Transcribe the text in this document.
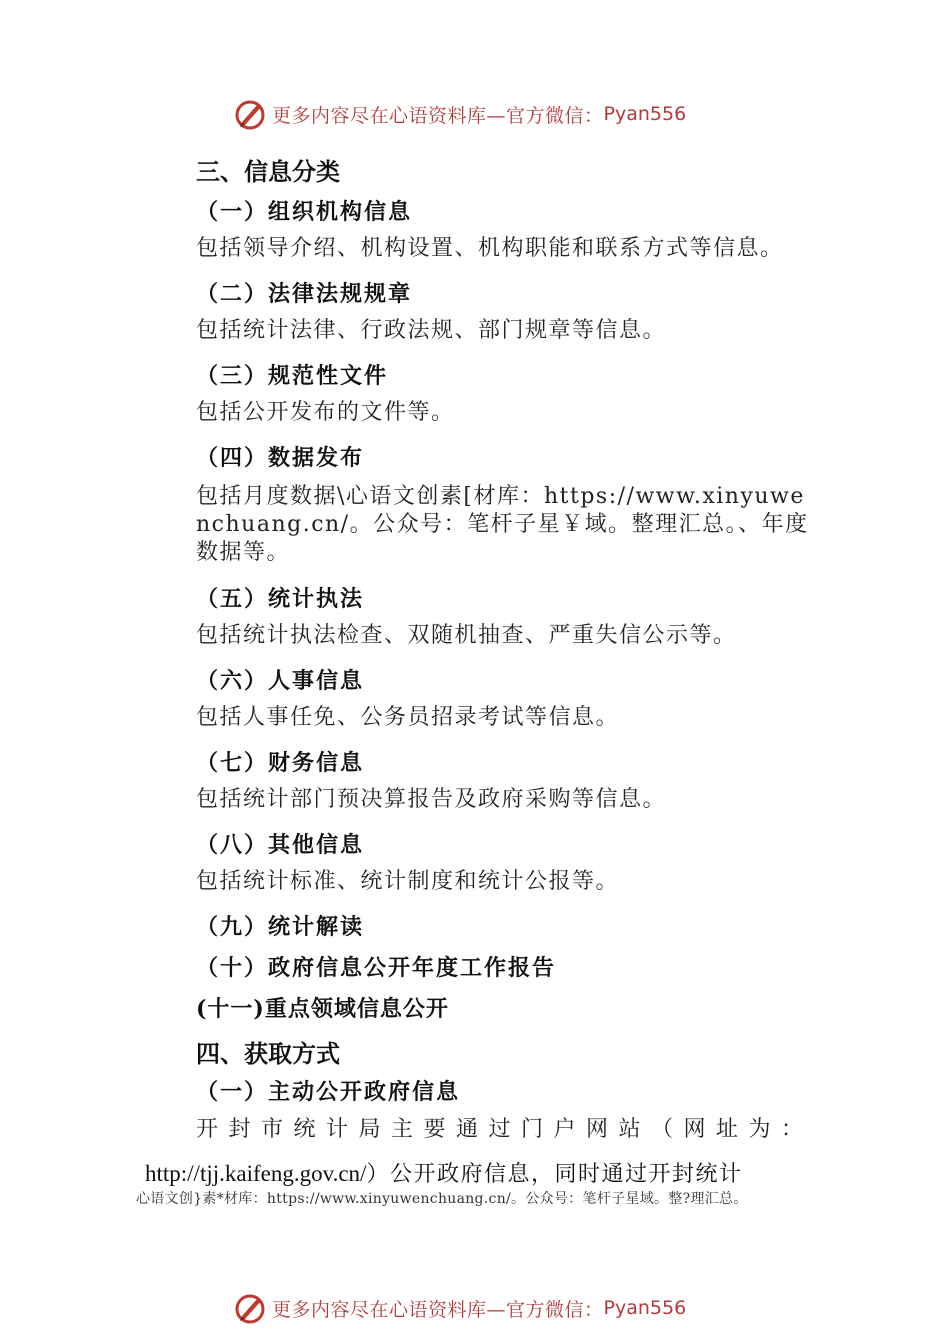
更多内容尽在心语资料库—官方微信： Pyan556
三、信息分类
（一）组织机构信息
包括领导介绍、机构设置、机构职能和联系方式等信息。
（二）法律法规规章
包括统计法律、行政法规、部门规章等信息。
（三）规范性文件
包括公开发布的文件等。
（四）数据发布
包括月度数据\心语文创素[材库：https://www.xinyuwenchuang.cn/。公众号：笔杆子星￥域。整理汇总。、年度数据等。
（五）统计执法
包括统计执法检查、双随机抽查、严重失信公示等。
（六）人事信息
包括人事任免、公务员招录考试等信息。
（七）财务信息
包括统计部门预决算报告及政府采购等信息。
（八）其他信息
包括统计标准、统计制度和统计公报等。
（九）统计解读
（十）政府信息公开年度工作报告
(十一)重点领域信息公开
四、获取方式
（一）主动公开政府信息
开封市统计局主要通过门户网站（网址为：
http://tjj.kaifeng.gov.cn/）公开政府信息，同时通过开封统计
心语文创}素*材库：https://www.xinyuwenchuang.cn/。公众号：笔杆子星域。整?理汇总。
更多内容尽在心语资料库—官方微信： Pyan556
